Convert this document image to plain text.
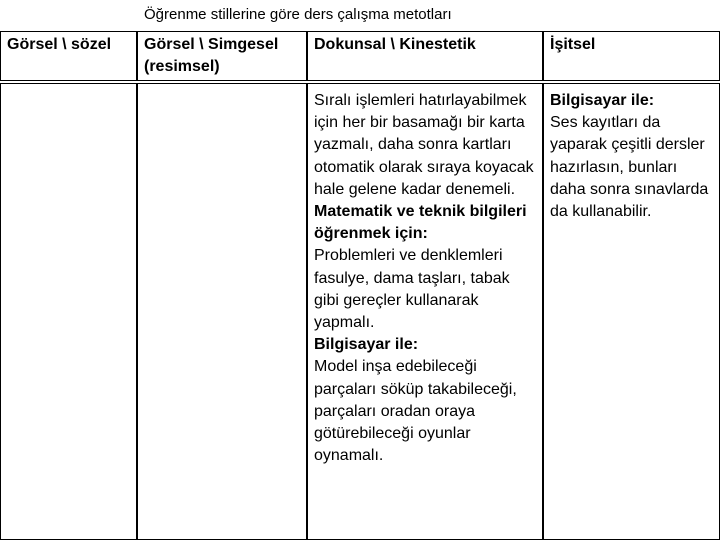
Öğrenme stillerine göre ders çalışma metotları
Görsel \ sözel	Görsel \ Simgesel (resimsel)
Dokunsal \ Kinestetik	İşitsel
Sıralı işlemleri hatırlayabilmek için her bir basamağı bir karta yazmalı, daha sonra kartları otomatik olarak sıraya koyacak hale gelene kadar denemeli.
Matematik ve teknik bilgileri öğrenmek için:
Problemleri ve denklemleri fasulye, dama taşları, tabak gibi gereçler kullanarak yapmalı.
Bilgisayar ile:
Model inşa edebileceği parçaları söküp takabileceği, parçaları oradan oraya götürebileceği oyunlar oynamalı.
Bilgisayar ile:
Ses kayıtları da yaparak çeşitli dersler hazırlasın, bunları daha sonra sınavlarda da kullanabilir.
